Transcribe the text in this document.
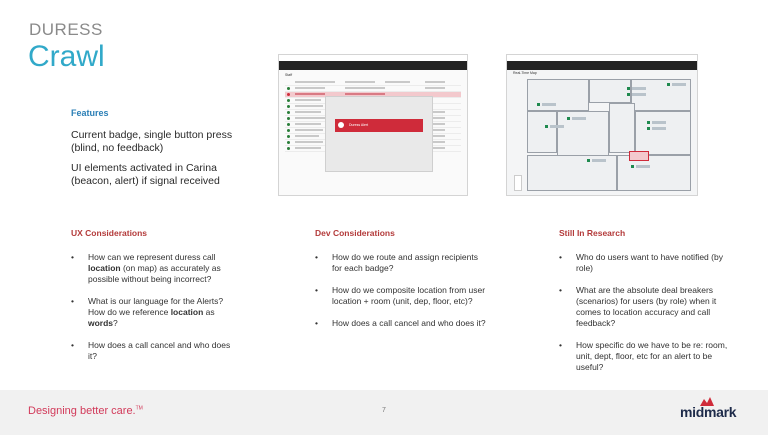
DURESS
Crawl
Features
Current badge, single button press (blind, no feedback)
UI elements activated in Carina (beacon, alert) if signal received
Staff
Duress Alert
Real-Time Map
UX Considerations
• How can we represent duress call location (on map) as accurately as possible without being incorrect?
• What is our language for the Alerts? How do we reference location as words?
• How does a call cancel and who does it?
Dev Considerations
• How do we route and assign recipients for each badge?
• How do we composite location from user location + room (unit, dep, floor, etc)?
• How does a call cancel and who does it?
Still In Research
• Who do users want to have notified (by role)
• What are the absolute deal breakers (scenarios) for users (by role) when it comes to location accuracy and call feedback?
• How specific do we have to be re: room, unit, dept, floor, etc for an alert to be useful?
Designing better care.™	7	midmark
